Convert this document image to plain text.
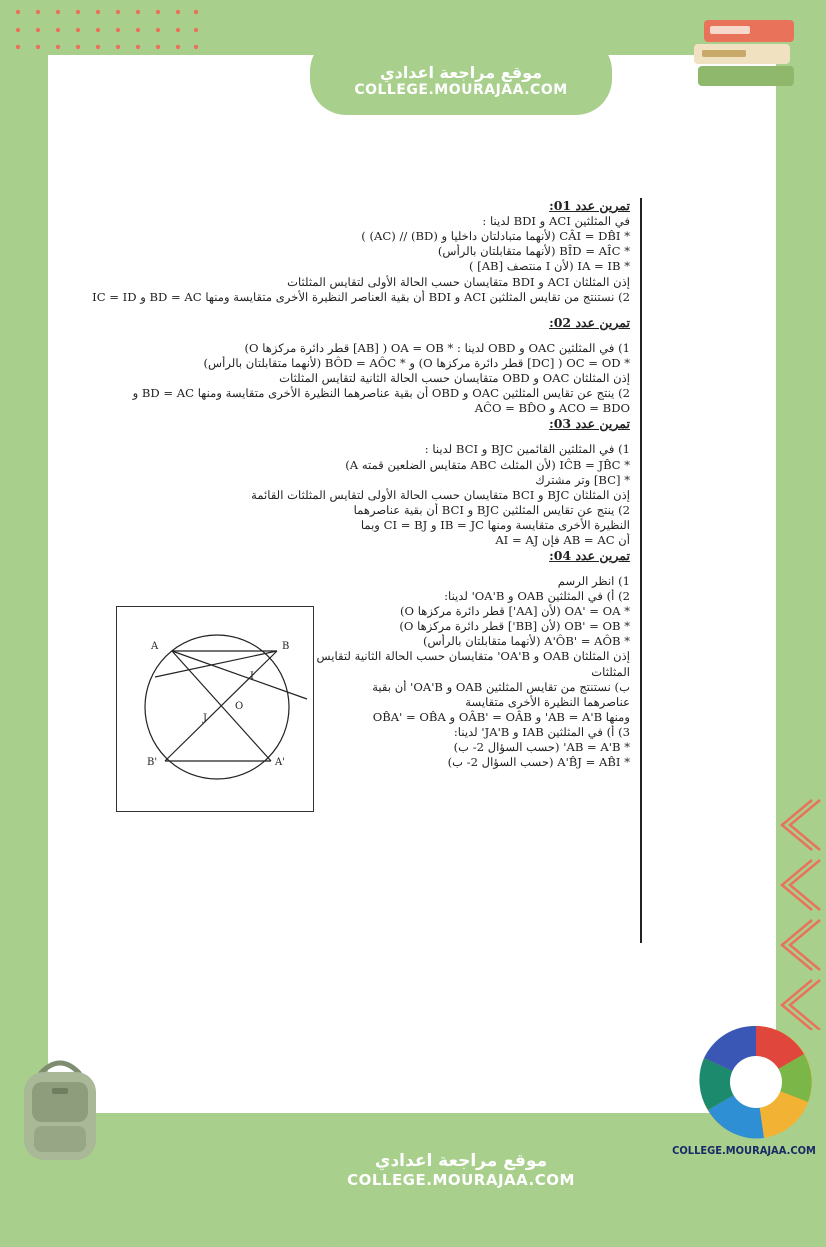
موقع مراجعة اعدادي
COLLEGE.MOURAJAA.COM
موقع مراجعة اعدادي
COLLEGE.MOURAJAA.COM
COLLEGE.MOURAJAA.COM
تمرين عدد 01:
في المثلثين ACI و BDI لدينا :
* CÂI = DB̂I (لأنهما متبادلتان داخليا و (BD) // (AC) )
* BÎD = AÎC (لأنهما متقابلتان بالرأس)
* IA = IB (لأن I منتصف [AB] )
إذن المثلثان ACI و BDI متقايسان حسب الحالة الأولى لتقايس المثلثات
2) نستنتج من تقايس المثلثين ACI و BDI أن بقية العناصر النظيرة الأخرى متقايسة ومنها BD = AC و IC = ID
تمرين عدد 02:
1) في المثلثين OAC و OBD لدينا : * OA = OB ( [AB] قطر دائرة مركزها O)
* OC = OD ( [DC] قطر دائرة مركزها O) و * BÔD = AÔC (لأنهما متقابلتان بالرأس)
إذن المثلثان OAC و OBD متقايسان حسب الحالة الثانية لتقايس المثلثات
2) ينتج عن تقايس المثلثين OAC و OBD أن بقية عناصرهما النظيرة الأخرى متقايسة ومنها BD = AC و
ACO = BDO و AĈO = BD̂O
تمرين عدد 03:
1) في المثلثين القائمين BJC و BCI لدينا :
* IĈB = JB̂C (لأن المثلث ABC متقايس الضلعين قمته A)
* [BC] وتر مشترك
إذن المثلثان BJC و BCI متقايسان حسب الحالة الأولى لتقايس المثلثات القائمة
2) ينتج عن تقايس المثلثين BJC و BCI أن بقية عناصرهما
النظيرة الأخرى متقايسة ومنها IB = JC و CI = BJ وبما
أن AB = AC فإن AI = AJ
تمرين عدد 04:
1) انظر الرسم
2) أ) في المثلثين OAB و OA'B' لدينا:
* OA' = OA (لأن [AA'] قطر دائرة مركزها O)
* OB' = OB (لأن [BB'] قطر دائرة مركزها O)
* A'ÔB' = AÔB (لأنهما متقابلتان بالرأس)
إذن المثلثان OAB و OA'B' متقايسان حسب الحالة الثانية لتقايس
المثلثات
ب) نستنتج من تقايس المثلثين OAB و OA'B' أن بقية
عناصرهما النظيرة الأخرى متقايسة
ومنها AB = A'B' و OÂB' = OÂB و OB̂A' = OB̂A
3) أ) في المثلثين IAB و JA'B' لدينا:
* AB = A'B' (حسب السؤال 2- ب)
* A'B̂J = AB̂I (حسب السؤال 2- ب)
A	B
B'	A'
O
I
J
